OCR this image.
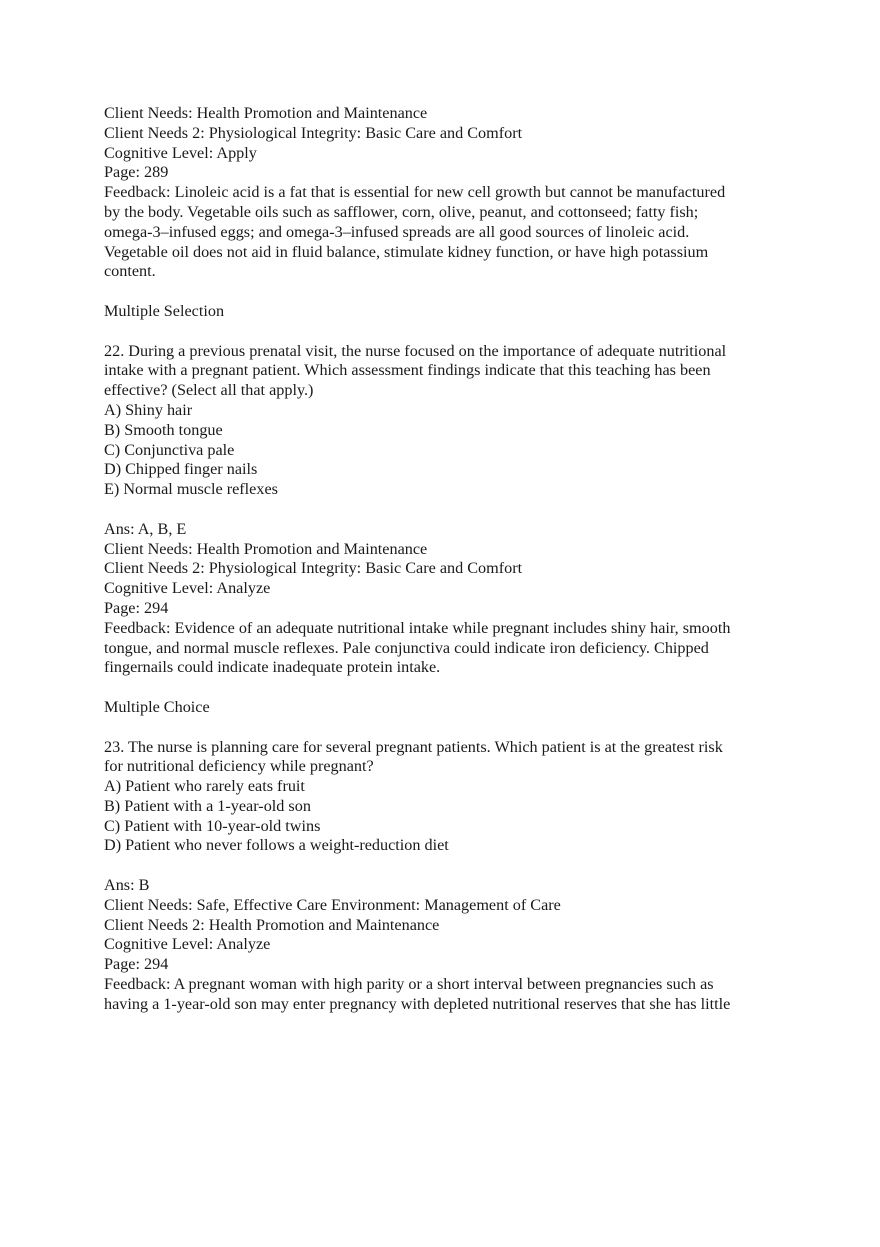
Client Needs: Health Promotion and Maintenance
Client Needs 2: Physiological Integrity: Basic Care and Comfort
Cognitive Level: Apply
Page: 289
Feedback: Linoleic acid is a fat that is essential for new cell growth but cannot be manufactured
by the body. Vegetable oils such as safflower, corn, olive, peanut, and cottonseed; fatty fish;
omega-3–infused eggs; and omega-3–infused spreads are all good sources of linoleic acid.
Vegetable oil does not aid in fluid balance, stimulate kidney function, or have high potassium
content.
Multiple Selection
22. During a previous prenatal visit, the nurse focused on the importance of adequate nutritional
intake with a pregnant patient. Which assessment findings indicate that this teaching has been
effective? (Select all that apply.)
A) Shiny hair
B) Smooth tongue
C) Conjunctiva pale
D) Chipped finger nails
E) Normal muscle reflexes
Ans: A, B, E
Client Needs: Health Promotion and Maintenance
Client Needs 2: Physiological Integrity: Basic Care and Comfort
Cognitive Level: Analyze
Page: 294
Feedback: Evidence of an adequate nutritional intake while pregnant includes shiny hair, smooth
tongue, and normal muscle reflexes. Pale conjunctiva could indicate iron deficiency. Chipped
fingernails could indicate inadequate protein intake.
Multiple Choice
23. The nurse is planning care for several pregnant patients. Which patient is at the greatest risk
for nutritional deficiency while pregnant?
A) Patient who rarely eats fruit
B) Patient with a 1-year-old son
C) Patient with 10-year-old twins
D) Patient who never follows a weight-reduction diet
Ans: B
Client Needs: Safe, Effective Care Environment: Management of Care
Client Needs 2: Health Promotion and Maintenance
Cognitive Level: Analyze
Page: 294
Feedback: A pregnant woman with high parity or a short interval between pregnancies such as
having a 1-year-old son may enter pregnancy with depleted nutritional reserves that she has little
